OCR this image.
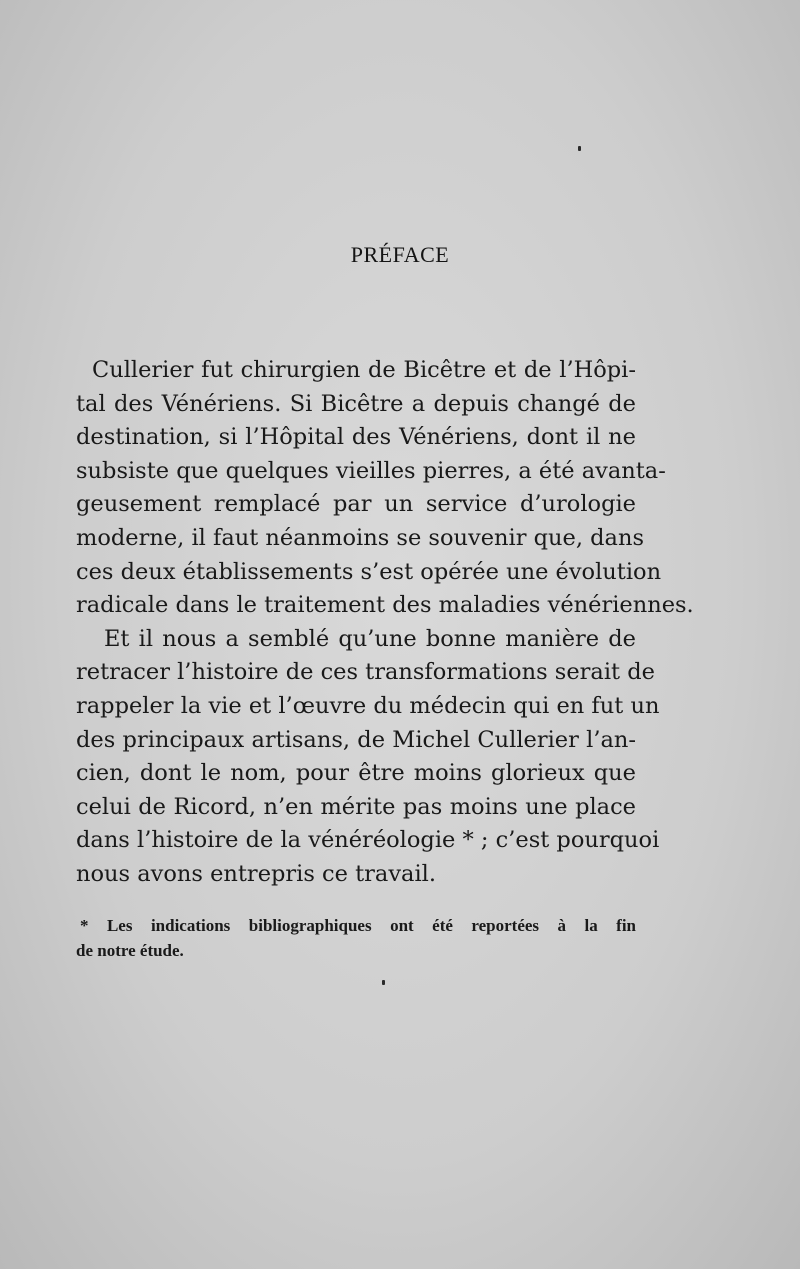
PRÉFACE
Cullerier fut chirurgien de Bicêtre et de l’Hôpi-
tal des Vénériens. Si Bicêtre a depuis changé de
destination, si l’Hôpital des Vénériens, dont il ne
subsiste que quelques vieilles pierres, a été avanta-
geusement remplacé par un service d’urologie
moderne, il faut néanmoins se souvenir que, dans
ces deux établissements s’est opérée une évolution
radicale dans le traitement des maladies vénériennes.
Et il nous a semblé qu’une bonne manière de
retracer l’histoire de ces transformations serait de
rappeler la vie et l’œuvre du médecin qui en fut un
des principaux artisans, de Michel Cullerier l’an-
cien, dont le nom, pour être moins glorieux que
celui de Ricord, n’en mérite pas moins une place
dans l’histoire de la vénéréologie * ; c’est pourquoi
nous avons entrepris ce travail.
* Les indications bibliographiques ont été reportées à la fin
de notre étude.
